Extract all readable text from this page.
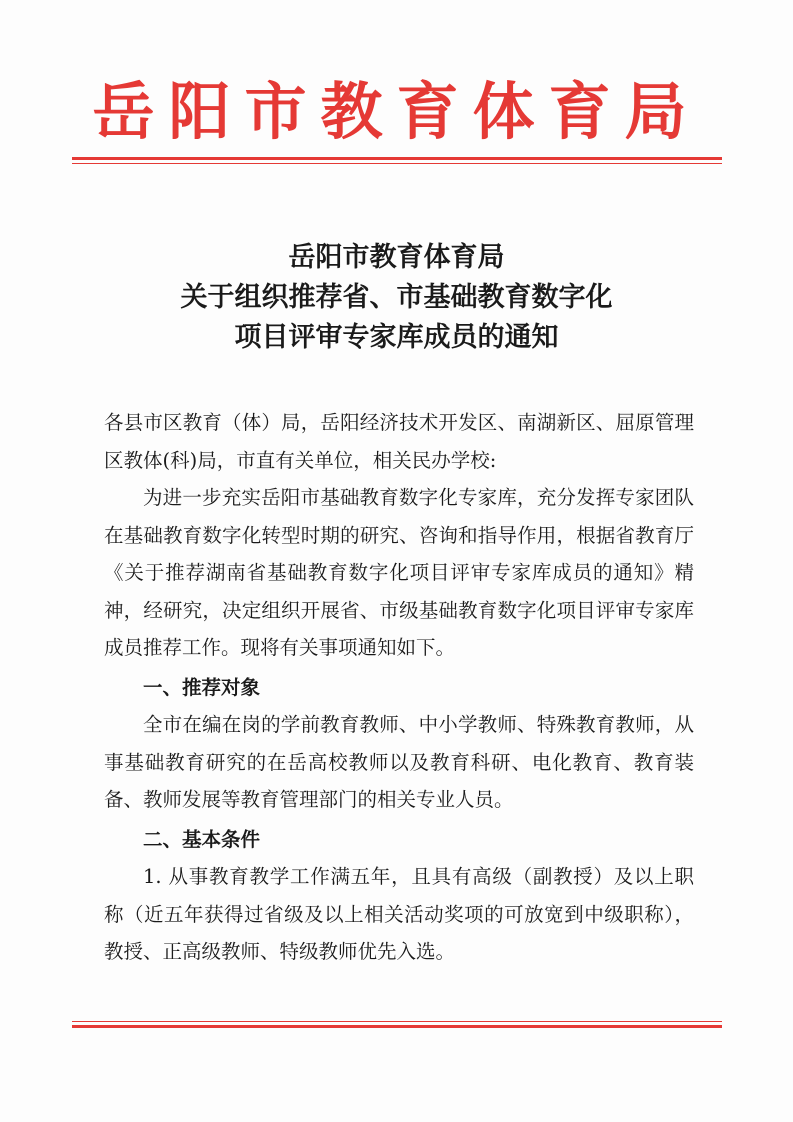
岳阳市教育体育局
岳阳市教育体育局
关于组织推荐省、市基础教育数字化
项目评审专家库成员的通知

各县市区教育（体）局，岳阳经济技术开发区、南湖新区、屈原管理区教体(科)局，市直有关单位，相关民办学校:

为进一步充实岳阳市基础教育数字化专家库，充分发挥专家团队在基础教育数字化转型时期的研究、咨询和指导作用，根据省教育厅《关于推荐湖南省基础教育数字化项目评审专家库成员的通知》精神，经研究，决定组织开展省、市级基础教育数字化项目评审专家库成员推荐工作。现将有关事项通知如下。

一、推荐对象

全市在编在岗的学前教育教师、中小学教师、特殊教育教师，从事基础教育研究的在岳高校教师以及教育科研、电化教育、教育装备、教师发展等教育管理部门的相关专业人员。

二、基本条件

1. 从事教育教学工作满五年，且具有高级（副教授）及以上职称（近五年获得过省级及以上相关活动奖项的可放宽到中级职称），教授、正高级教师、特级教师优先入选。
